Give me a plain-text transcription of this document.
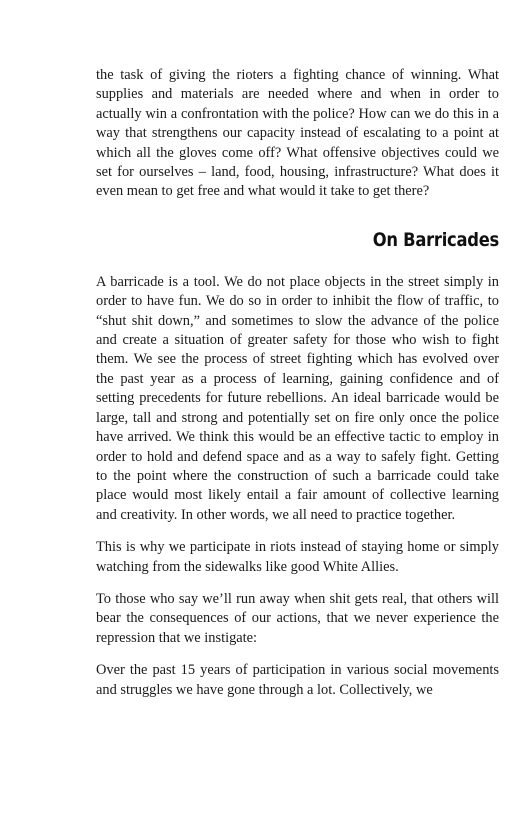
the task of giving the rioters a fighting chance of winning. What supplies and materials are needed where and when in order to actually win a confrontation with the police? How can we do this in a way that strengthens our capacity instead of escalating to a point at which all the gloves come off? What offensive objectives could we set for ourselves – land, food, housing, infrastructure? What does it even mean to get free and what would it take to get there?

On Barricades

A barricade is a tool. We do not place objects in the street simply in order to have fun. We do so in order to inhibit the flow of traffic, to “shut shit down,” and sometimes to slow the advance of the police and create a situation of greater safety for those who wish to fight them. We see the process of street fighting which has evolved over the past year as a process of learning, gaining confidence and of setting precedents for future rebellions. An ideal barricade would be large, tall and strong and potentially set on fire only once the police have arrived. We think this would be an effective tactic to employ in order to hold and defend space and as a way to safely fight. Getting to the point where the construction of such a barricade could take place would most likely entail a fair amount of collective learning and creativity. In other words, we all need to practice together.

This is why we participate in riots instead of staying home or simply watching from the sidewalks like good White Allies.

To those who say we’ll run away when shit gets real, that others will bear the consequences of our actions, that we never experience the repression that we instigate:

Over the past 15 years of participation in various social movements and struggles we have gone through a lot. Collectively, we
